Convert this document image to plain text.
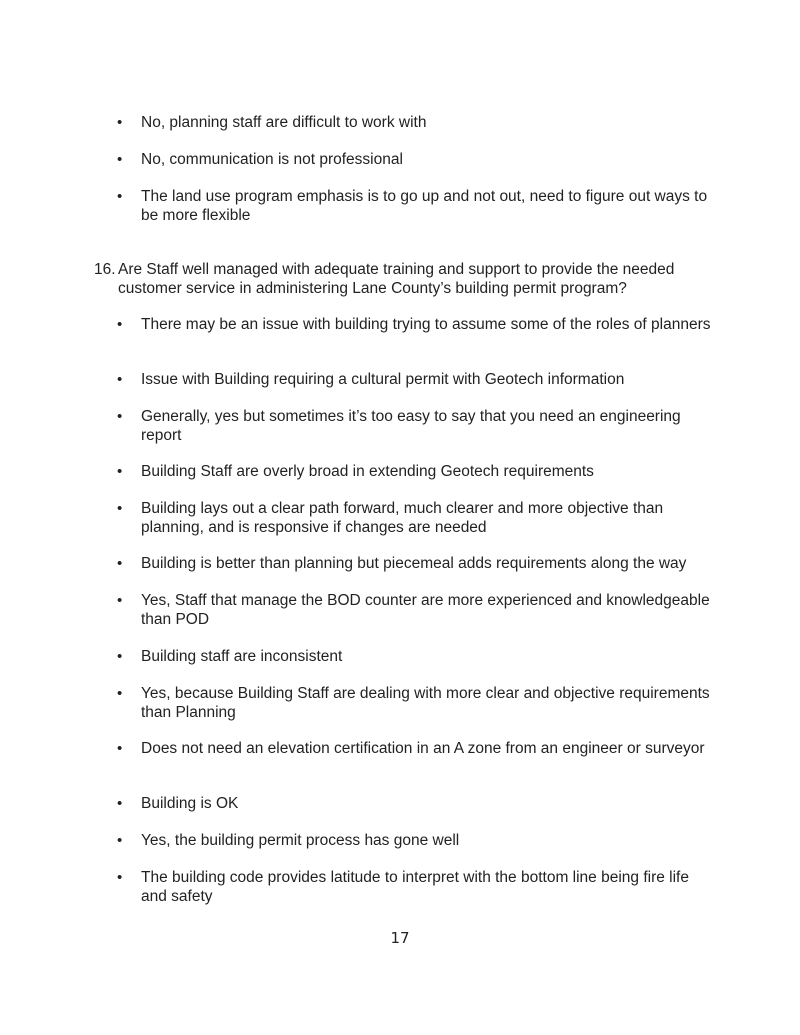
• No, planning staff are difficult to work with
• No, communication is not professional
• The land use program emphasis is to go up and not out, need to figure out ways to be more flexible
16. Are Staff well managed with adequate training and support to provide the needed customer service in administering Lane County’s building permit program?
• There may be an issue with building trying to assume some of the roles of planners
• Issue with Building requiring a cultural permit with Geotech information
• Generally, yes but sometimes it’s too easy to say that you need an engineering report
• Building Staff are overly broad in extending Geotech requirements
• Building lays out a clear path forward, much clearer and more objective than planning, and is responsive if changes are needed
• Building is better than planning but piecemeal adds requirements along the way
• Yes, Staff that manage the BOD counter are more experienced and knowledgeable than POD
• Building staff are inconsistent
• Yes, because Building Staff are dealing with more clear and objective requirements than Planning
• Does not need an elevation certification in an A zone from an engineer or surveyor
• Building is OK
• Yes, the building permit process has gone well
• The building code provides latitude to interpret with the bottom line being fire life and safety
17
